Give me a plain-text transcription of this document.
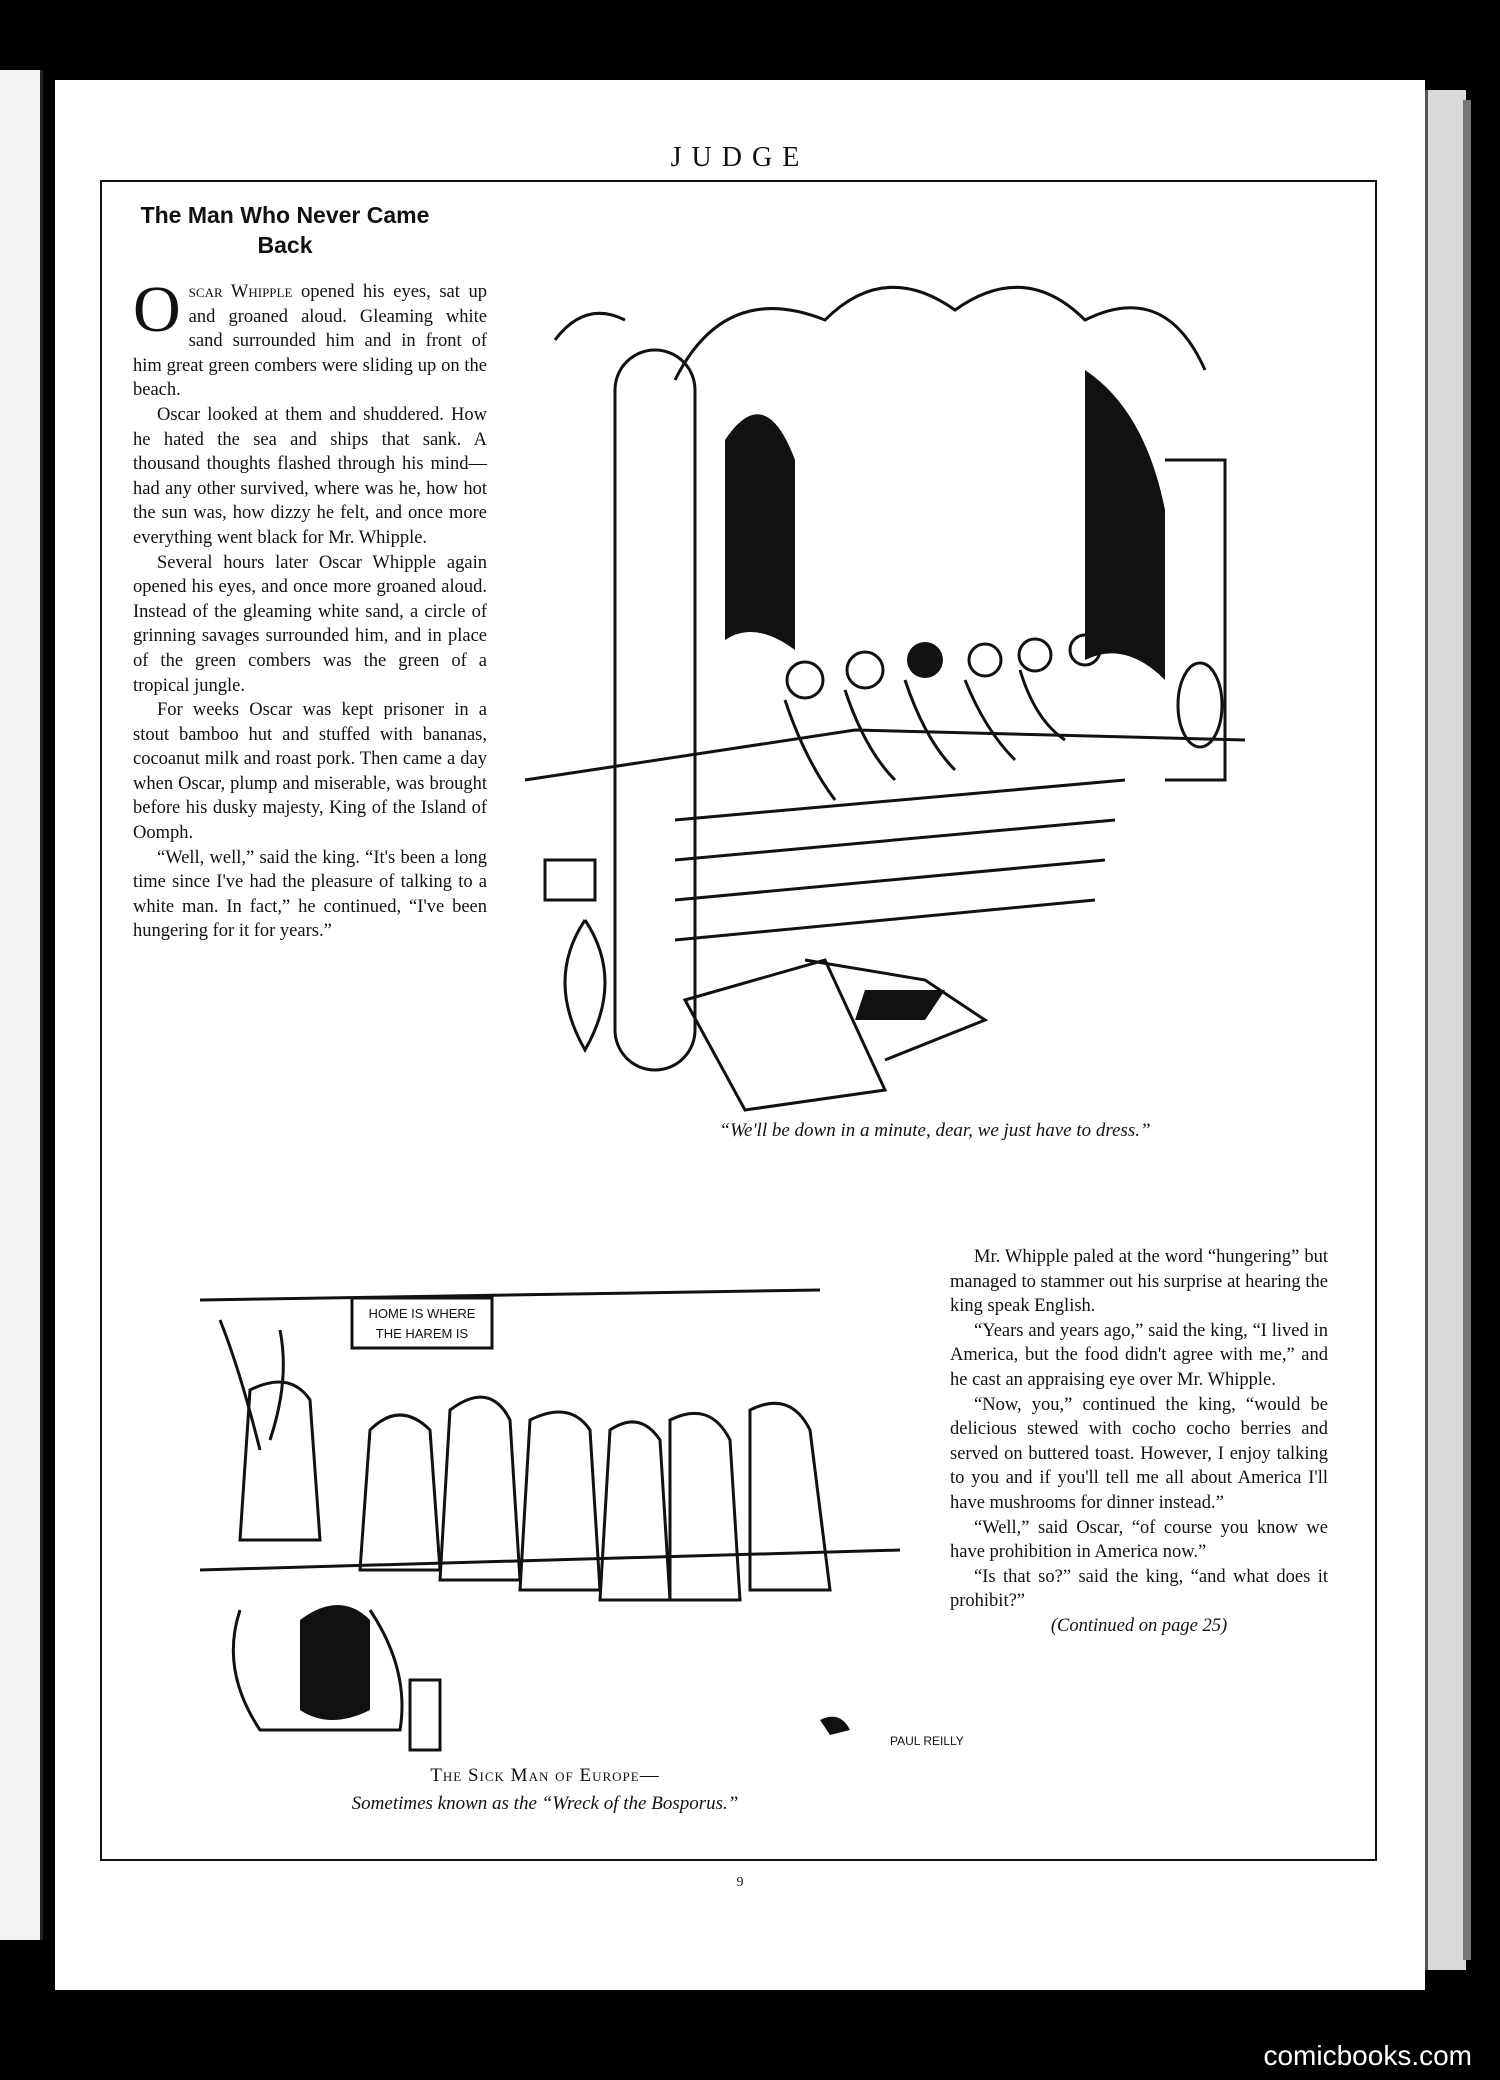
JUDGE
The Man Who Never Came Back

Oscar Whipple opened his eyes, sat up and groaned aloud. Gleaming white sand surrounded him and in front of him great green combers were sliding up on the beach.

Oscar looked at them and shuddered. How he hated the sea and ships that sank. A thousand thoughts flashed through his mind—had any other survived, where was he, how hot the sun was, how dizzy he felt, and once more everything went black for Mr. Whipple.

Several hours later Oscar Whipple again opened his eyes, and once more groaned aloud. Instead of the gleaming white sand, a circle of grinning savages surrounded him, and in place of the green combers was the green of a tropical jungle.

For weeks Oscar was kept prisoner in a stout bamboo hut and stuffed with bananas, cocoanut milk and roast pork. Then came a day when Oscar, plump and miserable, was brought before his dusky majesty, King of the Island of Oomph.

“Well, well,” said the king. “It's been a long time since I've had the pleasure of talking to a white man. In fact,” he continued, “I've been hungering for it for years.”

“We'll be down in a minute, dear, we just have to dress.”
HOME IS WHERE
THE HAREM IS
PAUL REILLY
The Sick Man of Europe—
Sometimes known as the “Wreck of the Bosporus.”

Mr. Whipple paled at the word “hungering” but managed to stammer out his surprise at hearing the king speak English.

“Years and years ago,” said the king, “I lived in America, but the food didn't agree with me,” and he cast an appraising eye over Mr. Whipple.

“Now, you,” continued the king, “would be delicious stewed with cocho cocho berries and served on buttered toast. However, I enjoy talking to you and if you'll tell me all about America I'll have mushrooms for dinner instead.”

“Well,” said Oscar, “of course you know we have prohibition in America now.”

“Is that so?” said the king, “and what does it prohibit?”

(Continued on page 25)

9
comicbooks.com
